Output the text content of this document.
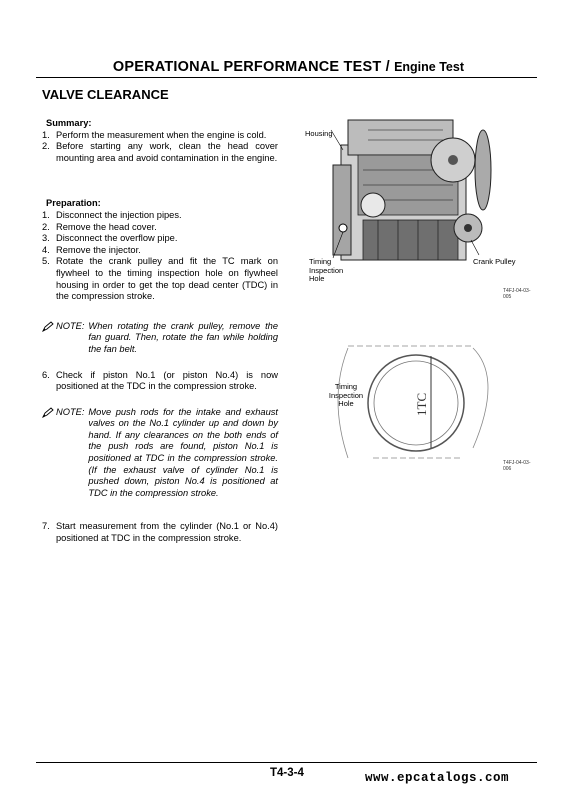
OPERATIONAL PERFORMANCE TEST / Engine Test
VALVE CLEARANCE
Summary:
1. Perform the measurement when the engine is cold.
2. Before starting any work, clean the head cover mounting area and avoid contamination in the engine.
Preparation:
1. Disconnect the injection pipes.
2. Remove the head cover.
3. Disconnect the overflow pipe.
4. Remove the injector.
5. Rotate the crank pulley and fit the TC mark on flywheel to the timing inspection hole on flywheel housing in order to get the top dead center (TDC) in the compression stroke.
NOTE: When rotating the crank pulley, remove the fan guard. Then, rotate the fan while holding the fan belt.
6. Check if piston No.1 (or piston No.4) is now positioned at the TDC in the compression stroke.
NOTE: Move push rods for the intake and exhaust valves on the No.1 cylinder up and down by hand. If any clearances on the both ends of the push rods are found, piston No.1 is positioned at TDC in the compression stroke. (If the exhaust valve of cylinder No.1 is pushed down, piston No.4 is positioned at TDC in the compression stroke.
7. Start measurement from the cylinder (No.1 or No.4) positioned at TDC in the compression stroke.
Housing
Crank Pulley
Timing
Inspection
Hole
T4FJ-04-03-005
1TC
Timing
Inspection
Hole
T4FJ-04-03-006
T4-3-4	www.epcatalogs.com
